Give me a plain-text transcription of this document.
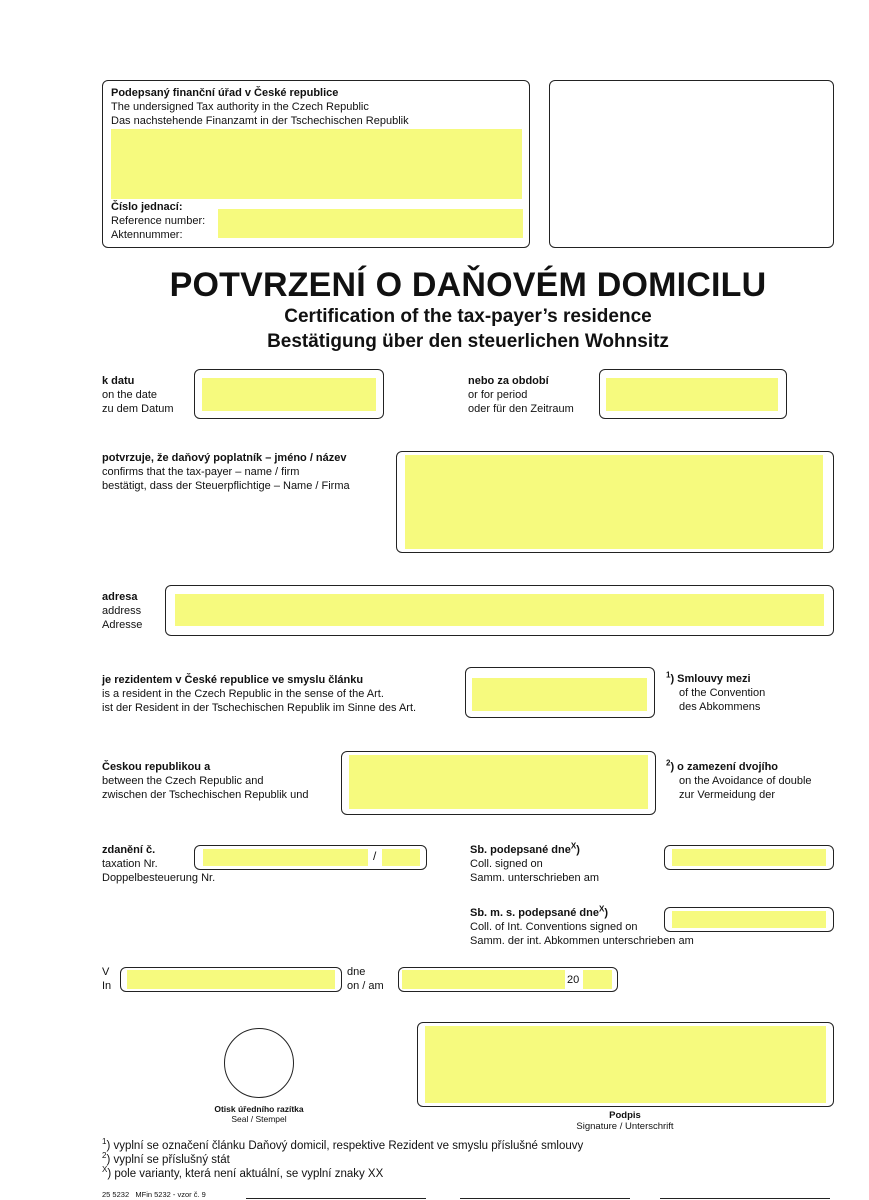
Podepsaný finanční úřad v České republice
The undersigned Tax authority in the Czech Republic
Das nachstehende Finanzamt in der Tschechischen Republik
Číslo jednací:
Reference number:
Aktennummer:
POTVRZENÍ O DAŇOVÉM DOMICILU
Certification of the tax-payer’s residence
Bestätigung über den steuerlichen Wohnsitz
k datu
on the date
zu dem Datum
nebo za období
or for period
oder für den Zeitraum
potvrzuje, že daňový poplatník – jméno / název
confirms that the tax-payer – name / firm
bestätigt, dass der Steuerpflichtige – Name / Firma
adresa
address
Adresse
je rezidentem v České republice ve smyslu článku
is a resident in the Czech Republic in the sense of the Art.
ist der Resident in der Tschechischen Republik im Sinne des Art.
$^1$) Smlouvy mezi
of the Convention
des Abkommens
Českou republikou a
between the Czech Republic and
zwischen der Tschechischen Republik und
$^2$) o zamezení dvojího
on the Avoidance of double
zur Vermeidung der
zdanění č.
taxation Nr.
Doppelbesteuerung Nr.
/	Sb. podepsané dne$^X$)
Coll. signed on
Samm. unterschrieben am
Sb. m. s. podepsané dne$^X$)
Coll. of Int. Conventions signed on
Samm. der int. Abkommen unterschrieben am
V
In
dne
on / am	20
Otisk úředního razítka
Seal / Stempel	Podpis
Signature / Unterschrift
$^1$) vyplní se označení článku Daňový domicil, respektive Rezident ve smyslu příslušné smlouvy
$^2$) vyplní se příslušný stát
$^X$) pole varianty, která není aktuální, se vyplní znaky XX
25 5232   MFin 5232 - vzor č. 9
